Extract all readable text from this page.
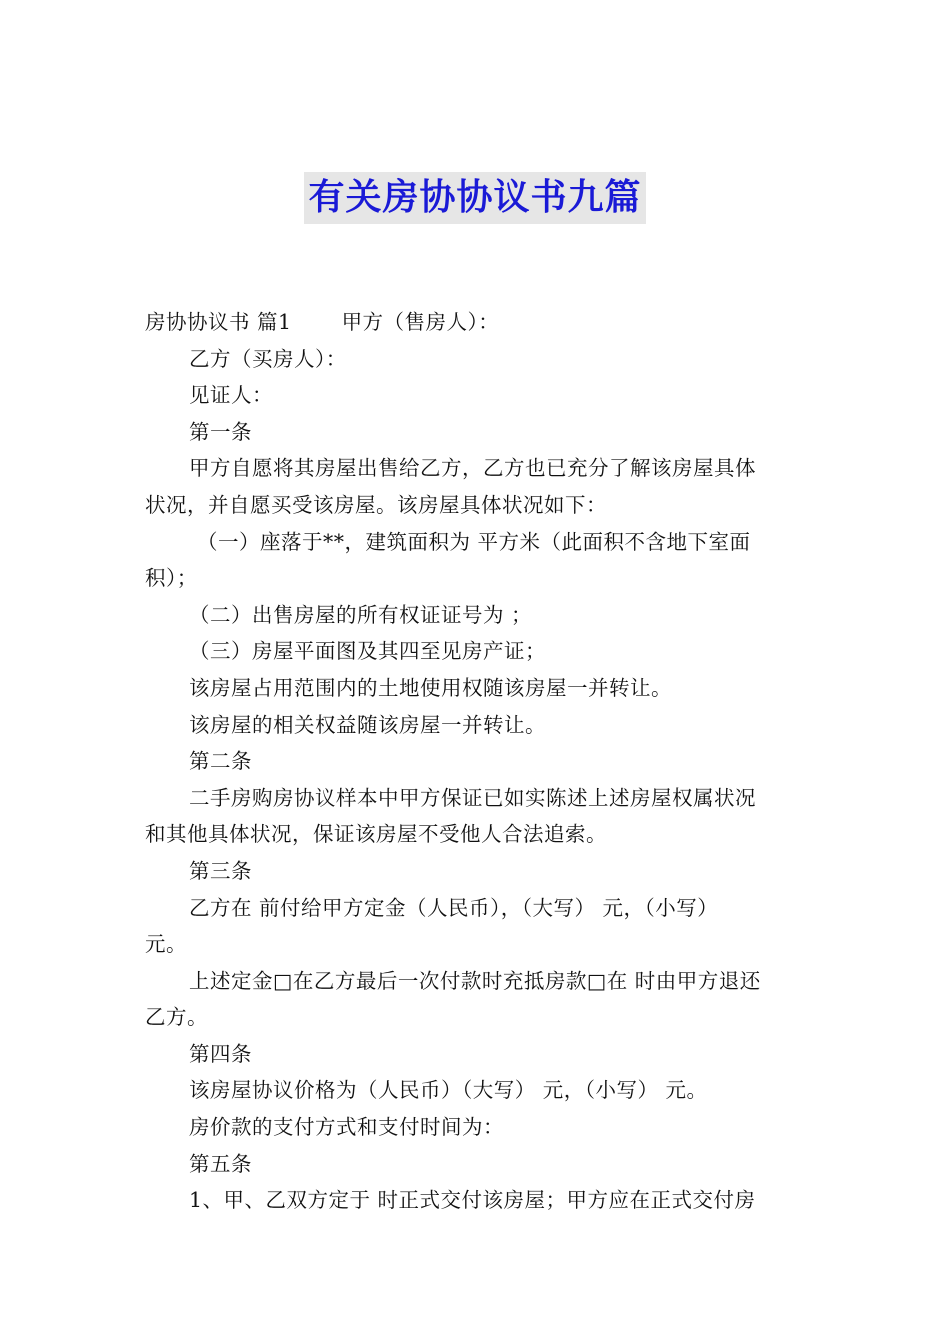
有关房协协议书九篇
房协协议书 篇1 甲方（售房人）：
乙方（买房人）：
见证人：
第一条
甲方自愿将其房屋出售给乙方，乙方也已充分了解该房屋具体
状况，并自愿买受该房屋。该房屋具体状况如下：
（一）座落于**，建筑面积为 平方米（此面积不含地下室面
积）；
（二）出售房屋的所有权证证号为 ；
（三）房屋平面图及其四至见房产证；
该房屋占用范围内的土地使用权随该房屋一并转让。
该房屋的相关权益随该房屋一并转让。
第二条
二手房购房协议样本中甲方保证已如实陈述上述房屋权属状况
和其他具体状况，保证该房屋不受他人合法追索。
第三条
乙方在 前付给甲方定金（人民币），（大写） 元，（小写）
元。
上述定金□在乙方最后一次付款时充抵房款□在 时由甲方退还
乙方。
第四条
该房屋协议价格为（人民币）（大写） 元，（小写） 元。
房价款的支付方式和支付时间为：
第五条
1、甲、乙双方定于 时正式交付该房屋；甲方应在正式交付房
